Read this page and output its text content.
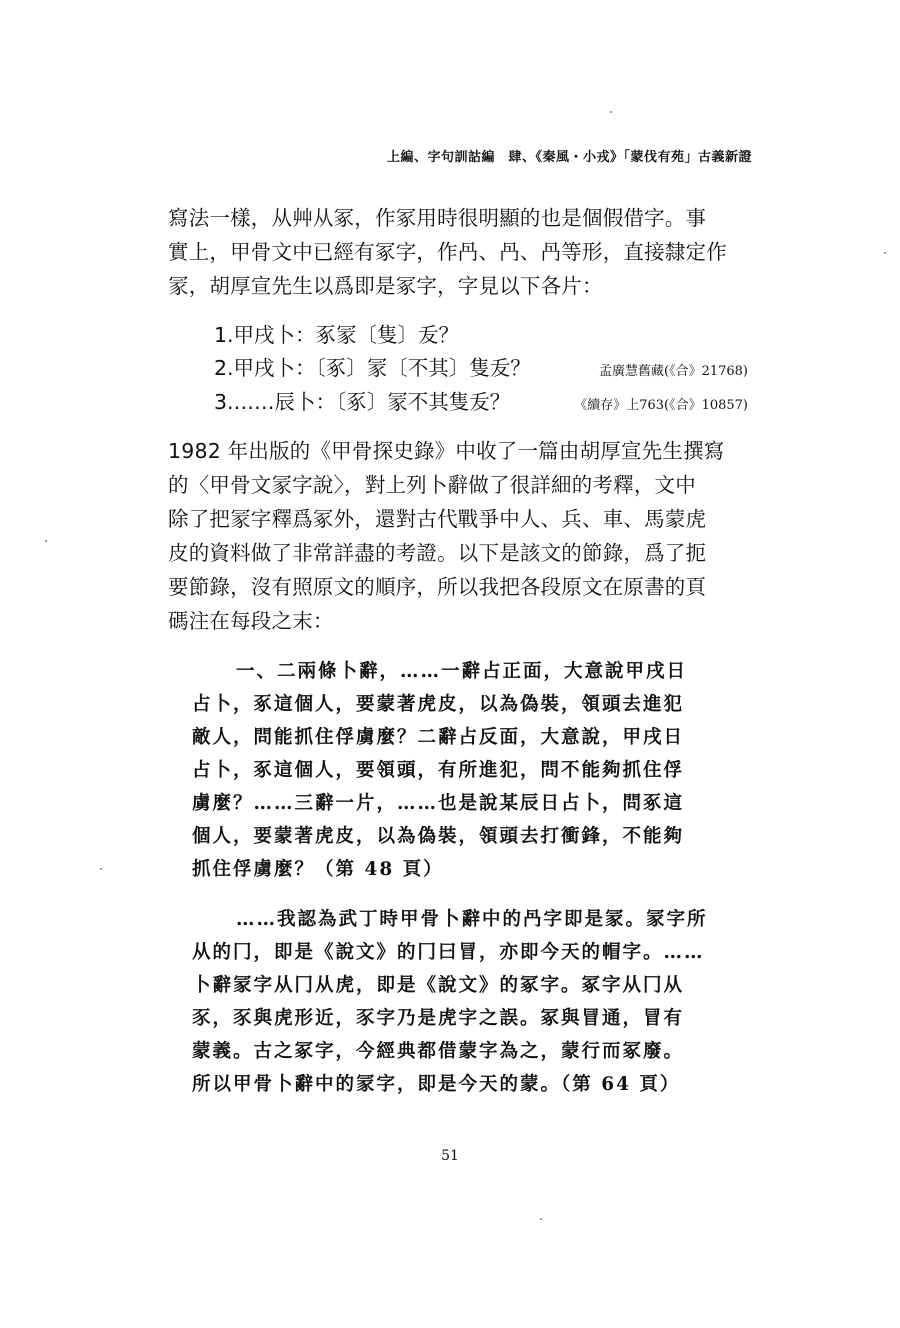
上編、字句訓詁編　肆、《秦風・小戎》「蒙伐有苑」古義新證
寫法一樣，从艸从冢，作冢用時很明顯的也是個假借字。事
實上，甲骨文中已經有冢字，作冎、冎、冎等形，直接隸定作
冡，胡厚宣先生以爲即是冢字，字見以下各片：
1.甲戌卜：豖冡〔隻〕叐？
2.甲戌卜：〔豖〕冡〔不其〕隻叐？	孟廣慧舊藏(《合》21768)
3.……辰卜：〔豖〕冡不其隻叐？	《續存》上763(《合》10857)
1982 年出版的《甲骨探史錄》中收了一篇由胡厚宣先生撰寫
的〈甲骨文冡字說〉，對上列卜辭做了很詳細的考釋，文中
除了把冡字釋爲冢外，還對古代戰爭中人、兵、車、馬蒙虎
皮的資料做了非常詳盡的考證。以下是該文的節錄，爲了扼
要節錄，沒有照原文的順序，所以我把各段原文在原書的頁
碼注在每段之末：
一、二兩條卜辭，……一辭占正面，大意說甲戌日
占卜，豖這個人，要蒙著虎皮，以為偽裝，領頭去進犯
敵人，問能抓住俘虜麼？二辭占反面，大意說，甲戌日
占卜，豖這個人，要領頭，有所進犯，問不能夠抓住俘
虜麼？……三辭一片，……也是說某辰日占卜，問豖這
個人，要蒙著虎皮，以為偽裝，領頭去打衝鋒，不能夠
抓住俘虜麼？（第 48 頁）
……我認為武丁時甲骨卜辭中的冎字即是冡。冡字所
从的冂，即是《說文》的冂曰冒，亦即今天的帽字。……
卜辭冡字从冂从虎，即是《說文》的冢字。冢字从冂从
豕，豕與虎形近，豕字乃是虎字之誤。冢與冒通，冒有
蒙義。古之冢字，今經典都借蒙字為之，蒙行而冢廢。
所以甲骨卜辭中的冡字，即是今天的蒙。（第 64 頁）
51
